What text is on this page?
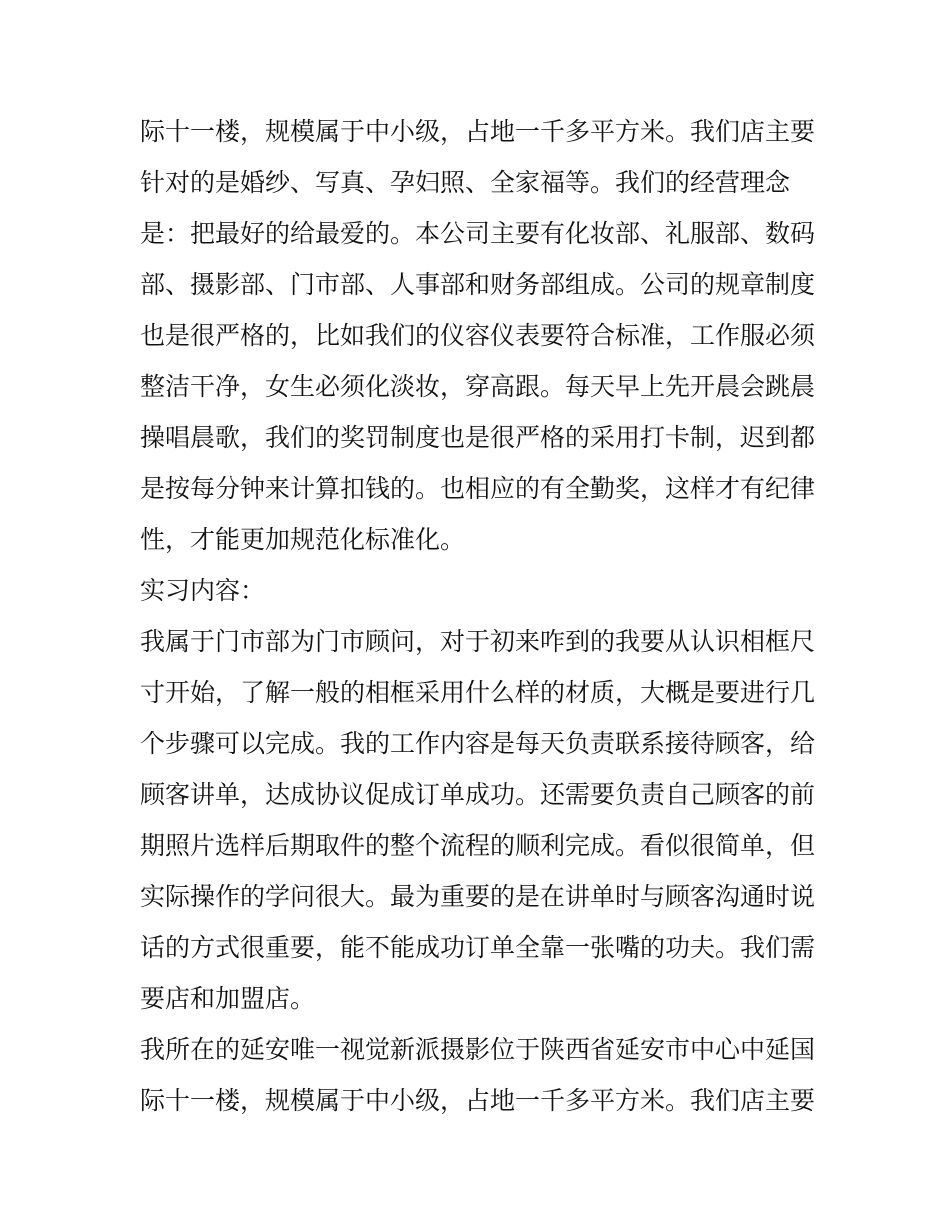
际十一楼，规模属于中小级，占地一千多平方米。我们店主要
针对的是婚纱、写真、孕妇照、全家福等。我们的经营理念
是：把最好的给最爱的。本公司主要有化妆部、礼服部、数码
部、摄影部、门市部、人事部和财务部组成。公司的规章制度
也是很严格的，比如我们的仪容仪表要符合标准，工作服必须
整洁干净，女生必须化淡妆，穿高跟。每天早上先开晨会跳晨
操唱晨歌，我们的奖罚制度也是很严格的采用打卡制，迟到都
是按每分钟来计算扣钱的。也相应的有全勤奖，这样才有纪律
性，才能更加规范化标准化。
实习内容：
我属于门市部为门市顾问，对于初来咋到的我要从认识相框尺
寸开始，了解一般的相框采用什么样的材质，大概是要进行几
个步骤可以完成。我的工作内容是每天负责联系接待顾客，给
顾客讲单，达成协议促成订单成功。还需要负责自己顾客的前
期照片选样后期取件的整个流程的顺利完成。看似很简单，但
实际操作的学问很大。最为重要的是在讲单时与顾客沟通时说
话的方式很重要，能不能成功订单全靠一张嘴的功夫。我们需
要店和加盟店。
我所在的延安唯一视觉新派摄影位于陕西省延安市中心中延国
际十一楼，规模属于中小级，占地一千多平方米。我们店主要
